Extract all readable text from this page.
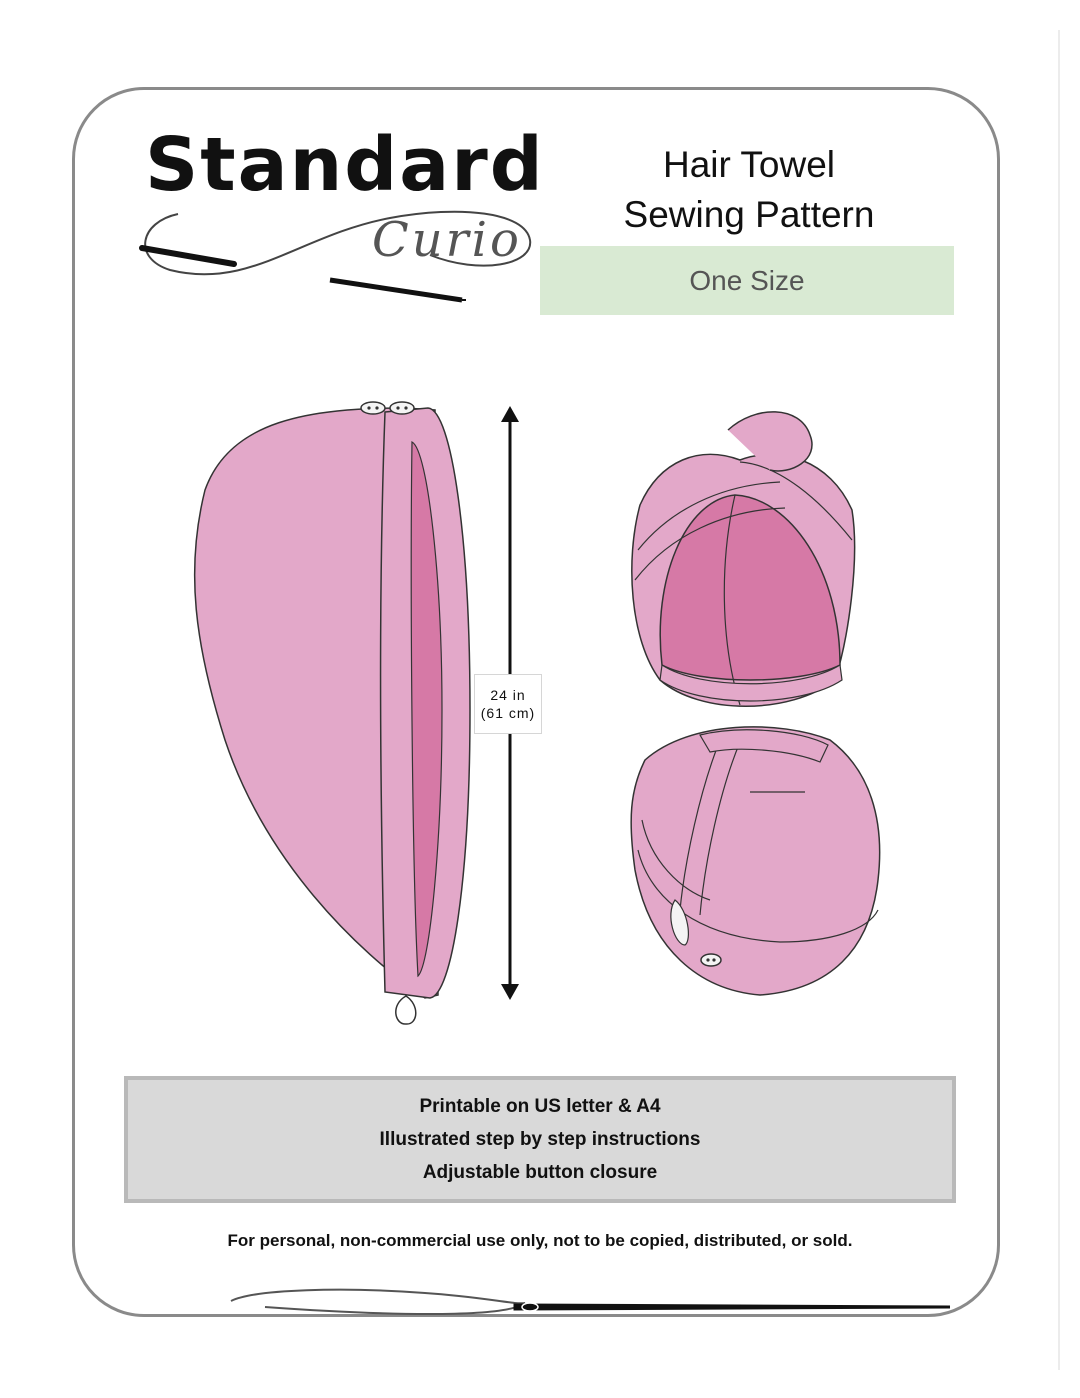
Standard
Curio
Hair Towel
Sewing Pattern
One Size
24 in
(61 cm)
Printable on US letter & A4
Illustrated step by step instructions
Adjustable button closure

For personal, non-commercial use only, not to be copied, distributed, or sold.
